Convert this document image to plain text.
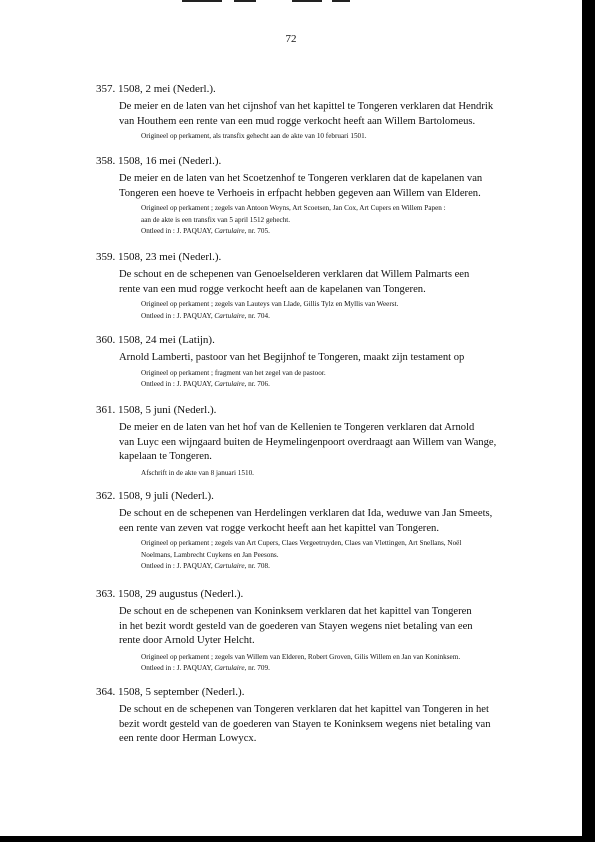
72
357. 1508, 2 mei (Nederl.).
De meier en de laten van het cijnshof van het kapittel te Tongeren verklaren dat Hendrik
van Houthem een rente van een mud rogge verkocht heeft aan Willem Bartolomeus.
Origineel op perkament, als transfix gehecht aan de akte van 10 februari 1501.
358. 1508, 16 mei (Nederl.).
De meier en de laten van het Scoetzenhof te Tongeren verklaren dat de kapelanen van
Tongeren een hoeve te Verhoeis in erfpacht hebben gegeven aan Willem van Elderen.
Origineel op perkament ; zegels van Antoon Weyns, Art Scoetsen, Jan Cox, Art Cupers en Willem Papen :
aan de akte is een transfix van 5 april 1512 gehecht.
Ontleed in : J. PAQUAY, Cartulaire, nr. 705.
359. 1508, 23 mei (Nederl.).
De schout en de schepenen van Genoelselderen verklaren dat Willem Palmarts een
rente van een mud rogge verkocht heeft aan de kapelanen van Tongeren.
Origineel op perkament ; zegels van Lauteys van Llade, Gillis Tylz en Myllis van Weerst.
Ontleed in : J. PAQUAY, Cartulaire, nr. 704.
360. 1508, 24 mei (Latijn).
Arnold Lamberti, pastoor van het Begijnhof te Tongeren, maakt zijn testament op
Origineel op perkament ; fragment van het zegel van de pastoor.
Ontleed in : J. PAQUAY, Cartulaire, nr. 706.
361. 1508, 5 juni (Nederl.).
De meier en de laten van het hof van de Kellenien te Tongeren verklaren dat Arnold
van Luyc een wijngaard buiten de Heymelingenpoort overdraagt aan Willem van Wange,
kapelaan te Tongeren.
Afschrift in de akte van 8 januari 1510.
362. 1508, 9 juli (Nederl.).
De schout en de schepenen van Herdelingen verklaren dat Ida, weduwe van Jan Smeets,
een rente van zeven vat rogge verkocht heeft aan het kapittel van Tongeren.
Origineel op perkament ; zegels van Art Cupers, Claes Vergeetruyden, Claes van Vlettingen, Art Snellans, Noël
Noelmans, Lambrecht Cuykens en Jan Peesons.
Ontleed in : J. PAQUAY, Cartulaire, nr. 708.
363. 1508, 29 augustus (Nederl.).
De schout en de schepenen van Koninksem verklaren dat het kapittel van Tongeren
in het bezit wordt gesteld van de goederen van Stayen wegens niet betaling van een
rente door Arnold Uyter Helcht.
Origineel op perkament ; zegels van Willem van Elderen, Robert Groven, Gilis Willem en Jan van Koninksem.
Ontleed in : J. PAQUAY, Cartulaire, nr. 709.
364. 1508, 5 september (Nederl.).
De schout en de schepenen van Tongeren verklaren dat het kapittel van Tongeren in het
bezit wordt gesteld van de goederen van Stayen te Koninksem wegens niet betaling van
een rente door Herman Lowycx.
